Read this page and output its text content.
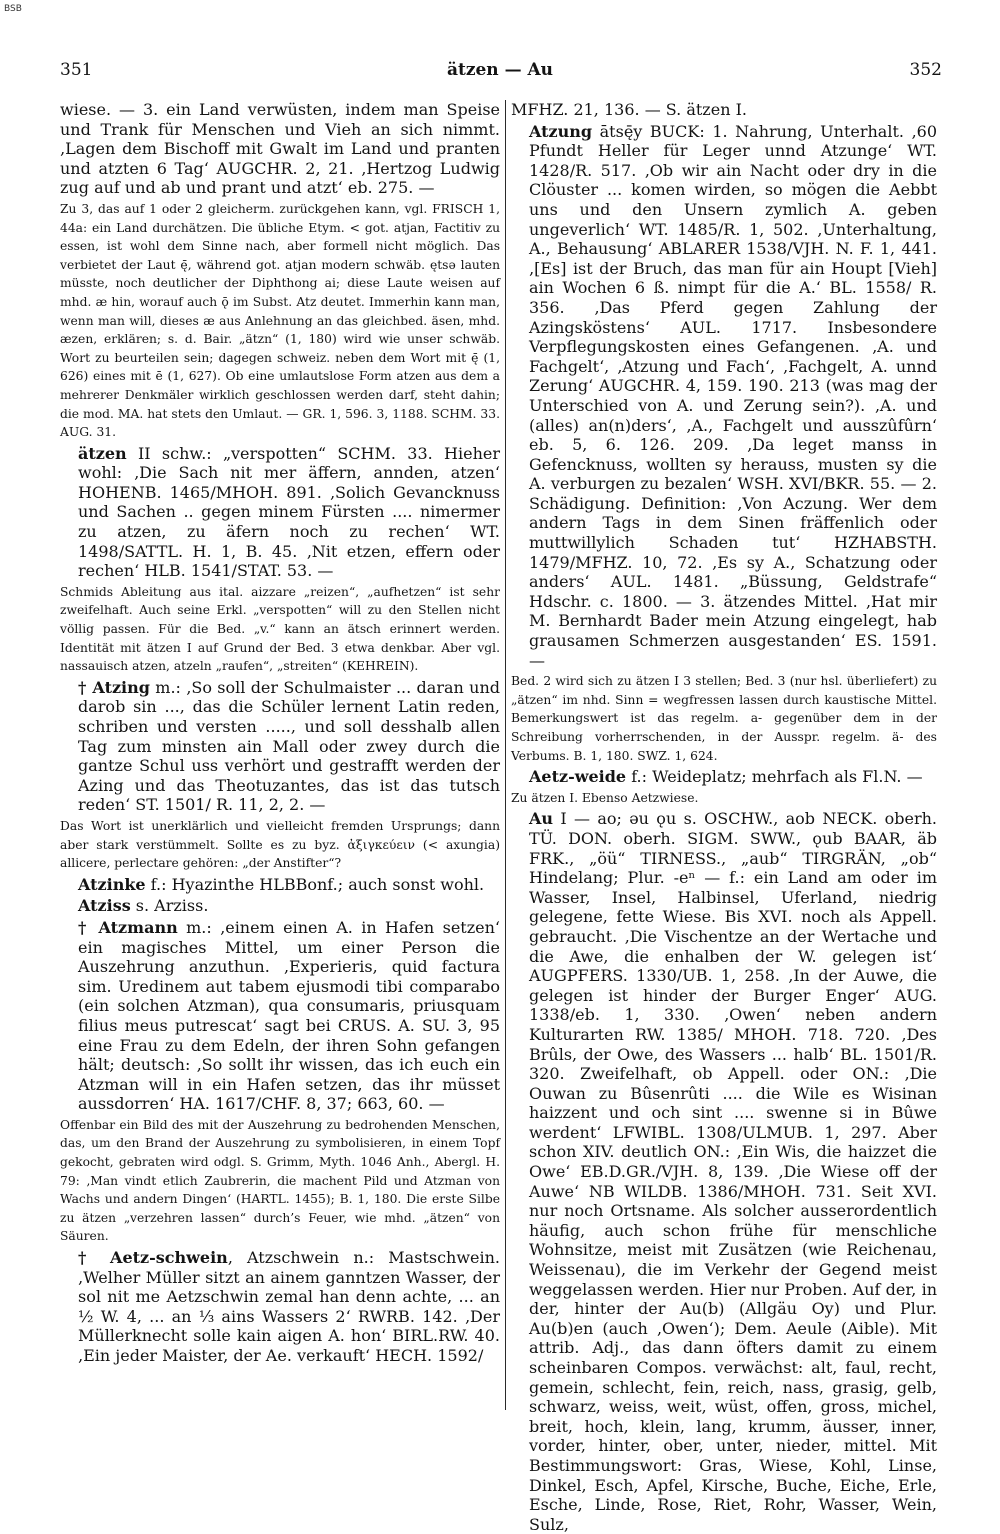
BSB
351	ätzen — Au	352

wiese. — 3. ein Land verwüsten, indem man Speise und Trank für Menschen und Vieh an sich nimmt. ‚Lagen dem Bischoff mit Gwalt im Land und pranten und atzten 6 Tag‘ AUGCHR. 2, 21. ‚Hertzog Ludwig zug auf und ab und prant und atzt‘ eb. 275. —

Zu 3, das auf 1 oder 2 gleicherm. zurückgehen kann, vgl. FRISCH 1, 44a: ein Land durchätzen. Die übliche Etym. < got. atjan, Factitiv zu essen, ist wohl dem Sinne nach, aber formell nicht möglich. Das verbietet der Laut ę̄, während got. atjan modern schwäb. ętsə lauten müsste, noch deutlicher der Diphthong ai; diese Laute weisen auf mhd. æ hin, worauf auch ǭ im Subst. Atz deutet. Immerhin kann man, wenn man will, dieses æ aus Anlehnung an das gleichbed. äsen, mhd. æzen, erklären; s. d. Bair. „ätzn“ (1, 180) wird wie unser schwäb. Wort zu beurteilen sein; dagegen schweiz. neben dem Wort mit ę̄ (1, 626) eines mit ē (1, 627). Ob eine umlautslose Form atzen aus dem a mehrerer Denkmäler wirklich geschlossen werden darf, steht dahin; die mod. MA. hat stets den Umlaut. — GR. 1, 596. 3, 1188. SCHM. 33. AUG. 31.

ätzen II schw.: „verspotten“ SCHM. 33. Hieher wohl: ‚Die Sach nit mer äffern, annden, atzen‘ HOHENB. 1465/MHOH. 891. ‚Solich Gevancknuss und Sachen .. gegen minem Fürsten .... nimermer zu atzen, zu äfern noch zu rechen‘ WT. 1498/SATTL. H. 1, B. 45. ‚Nit etzen, effern oder rechen‘ HLB. 1541/STAT. 53. —

Schmids Ableitung aus ital. aizzare „reizen“, „aufhetzen“ ist sehr zweifelhaft. Auch seine Erkl. „verspotten“ will zu den Stellen nicht völlig passen. Für die Bed. „v.“ kann an ätsch erinnert werden. Identität mit ätzen I auf Grund der Bed. 3 etwa denkbar. Aber vgl. nassauisch atzen, atzeln „raufen“, „streiten“ (KEHREIN).

† Atzing m.: ‚So soll der Schulmaister ... daran und darob sin ..., das die Schüler lernent Latin reden, schriben und versten ....., und soll desshalb allen Tag zum minsten ain Mall oder zwey durch die gantze Schul uss verhört und gestrafft werden der Azing und das Theotuzantes, das ist das tutsch reden‘ ST. 1501/ R. 11, 2, 2. —

Das Wort ist unerklärlich und vielleicht fremden Ursprungs; dann aber stark verstümmelt. Sollte es zu byz. ἀξιγκεύειν (< axungia) allicere, perlectare gehören: „der Anstifter“?

Atzinke f.: Hyazinthe HLBBonf.; auch sonst wohl.

Atziss s. Arziss.

† Atzmann m.: ‚einem einen A. in Hafen setzen‘ ein magisches Mittel, um einer Person die Auszehrung anzuthun. ‚Experieris, quid factura sim. Uredinem aut tabem ejusmodi tibi comparabo (ein solchen Atzman), qua consumaris, priusquam filius meus putrescat‘ sagt bei CRUS. A. SU. 3, 95 eine Frau zu dem Edeln, der ihren Sohn gefangen hält; deutsch: ‚So sollt ihr wissen, das ich euch ein Atzman will in ein Hafen setzen, das ihr müsset aussdorren‘ HA. 1617/CHF. 8, 37; 663, 60. —

Offenbar ein Bild des mit der Auszehrung zu bedrohenden Menschen, das, um den Brand der Auszehrung zu symbolisieren, in einem Topf gekocht, gebraten wird odgl. S. Grimm, Myth. 1046 Anh., Abergl. H. 79: ‚Man vindt etlich Zaubrerin, die machent Pild und Atzman von Wachs und andern Dingen‘ (HARTL. 1455); B. 1, 180. Die erste Silbe zu ätzen „verzehren lassen“ durch’s Feuer, wie mhd. „ätzen“ von Säuren.

† Aetz-schwein, Atzschwein n.: Mastschwein. ‚Welher Müller sitzt an ainem ganntzen Wasser, der sol nit me Aetzschwin zemal han denn achte, ... an ½ W. 4, ... an ⅓ ains Wassers 2‘ RWRB. 142. ‚Der Müllerknecht solle kain aigen A. hon‘ BIRL.RW. 40. ‚Ein jeder Maister, der Ae. verkauft‘ HECH. 1592/

MFHZ. 21, 136. — S. ätzen I.

Atzung ātsę̄y BUCK: 1. Nahrung, Unterhalt. ‚60 Pfundt Heller für Leger unnd Atzunge‘ WT. 1428/R. 517. ‚Ob wir ain Nacht oder dry in die Clöuster ... komen wirden, so mögen die Aebbt uns und den Unsern zymlich A. geben ungeverlich‘ WT. 1485/R. 1, 502. ‚Unterhaltung, A., Behausung‘ ABLARER 1538/VJH. N. F. 1, 441. ‚[Es] ist der Bruch, das man für ain Houpt [Vieh] ain Wochen 6 ß. nimpt für die A.‘ BL. 1558/ R. 356. ‚Das Pferd gegen Zahlung der Azingsköstens‘ AUL. 1717. Insbesondere Verpflegungskosten eines Gefangenen. ‚A. und Fachgelt‘, ‚Atzung und Fach‘, ‚Fachgelt, A. unnd Zerung‘ AUGCHR. 4, 159. 190. 213 (was mag der Unterschied von A. und Zerung sein?). ‚A. und (alles) an(n)ders‘, ‚A., Fachgelt und ausszûfûrn‘ eb. 5, 6. 126. 209. ‚Da leget manss in Gefencknuss, wollten sy herauss, musten sy die A. verburgen zu bezalen‘ WSH. XVI/BKR. 55. — 2. Schädigung. Definition: ‚Von Aczung. Wer dem andern Tags in dem Sinen fräffenlich oder muttwillylich Schaden tut‘ HZHABSTH. 1479/MFHZ. 10, 72. ‚Es sy A., Schatzung oder anders‘ AUL. 1481. „Büssung, Geldstrafe“ Hdschr. c. 1800. — 3. ätzendes Mittel. ‚Hat mir M. Bernhardt Bader mein Atzung eingelegt, hab grausamen Schmerzen ausgestanden‘ ES. 1591. —

Bed. 2 wird sich zu ätzen I 3 stellen; Bed. 3 (nur hsl. überliefert) zu „ätzen“ im nhd. Sinn = wegfressen lassen durch kaustische Mittel. Bemerkungswert ist das regelm. a- gegenüber dem in der Schreibung vorherrschenden, in der Ausspr. regelm. ä- des Verbums. B. 1, 180. SWZ. 1, 624.

Aetz-weide f.: Weideplatz; mehrfach als Fl.N. —

Zu ätzen I. Ebenso Aetzwiese.

Au I — ao; əu ǫu s. OSCHW., aob NECK. oberh. TÜ. DON. oberh. SIGM. SWW., ǫub BAAR, äb FRK., „öü“ TIRNESS., „aub“ TIRGRÄN, „ob“ Hindelang; Plur. -eⁿ — f.: ein Land am oder im Wasser, Insel, Halbinsel, Uferland, niedrig gelegene, fette Wiese. Bis XVI. noch als Appell. gebraucht. ‚Die Vischentze an der Wertache und die Awe, die enhalben der W. gelegen ist‘ AUGPFERS. 1330/UB. 1, 258. ‚In der Auwe, die gelegen ist hinder der Burger Enger‘ AUG. 1338/eb. 1, 330. ‚Owen‘ neben andern Kulturarten RW. 1385/ MHOH. 718. 720. ‚Des Brûls, der Owe, des Wassers ... halb‘ BL. 1501/R. 320. Zweifelhaft, ob Appell. oder ON.: ‚Die Ouwan zu Bûsenrûti .... die Wile es Wisinan haizzent und och sint .... swenne si in Bûwe werdent‘ LFWIBL. 1308/ULMUB. 1, 297. Aber schon XIV. deutlich ON.: ‚Ein Wis, die haizzet die Owe‘ EB.D.GR./VJH. 8, 139. ‚Die Wiese off der Auwe‘ NB WILDB. 1386/MHOH. 731. Seit XVI. nur noch Ortsname. Als solcher ausserordentlich häufig, auch schon frühe für menschliche Wohnsitze, meist mit Zusätzen (wie Reichenau, Weissenau), die im Verkehr der Gegend meist weggelassen werden. Hier nur Proben. Auf der, in der, hinter der Au(b) (Allgäu Oy) und Plur. Au(b)en (auch ‚Owen‘); Dem. Aeule (Aible). Mit attrib. Adj., das dann öfters damit zu einem scheinbaren Compos. verwächst: alt, faul, recht, gemein, schlecht, fein, reich, nass, grasig, gelb, schwarz, weiss, weit, wüst, offen, gross, michel, breit, hoch, klein, lang, krumm, äusser, inner, vorder, hinter, ober, unter, nieder, mittel. Mit Bestimmungswort: Gras, Wiese, Kohl, Linse, Dinkel, Esch, Apfel, Kirsche, Buche, Eiche, Erle, Esche, Linde, Rose, Riet, Rohr, Wasser, Wein, Sulz,
